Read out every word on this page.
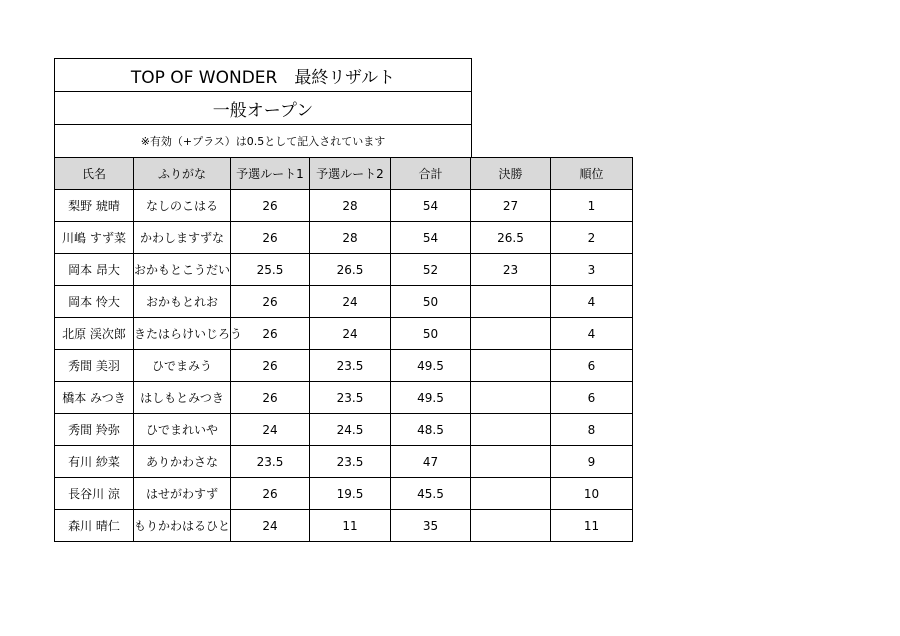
TOP OF WONDER　最終リザルト
一般オープン
※有効（+プラス）は0.5として記入されています
氏名	ふりがな	予選ルート1	予選ルート2	合計	決勝	順位
梨野 琥晴	なしのこはる	26	28	54	27	1
川嶋 すず菜	かわしますずな	26	28	54	26.5	2
岡本 昂大	おかもとこうだい	25.5	26.5	52	23	3
岡本 怜大	おかもとれお	26	24	50		4
北原 渓次郎	きたはらけいじろう	26	24	50		4
秀間 美羽	ひでまみう	26	23.5	49.5		6
橋本 みつき	はしもとみつき	26	23.5	49.5		6
秀間 羚弥	ひでまれいや	24	24.5	48.5		8
有川 紗菜	ありかわさな	23.5	23.5	47		9
長谷川 涼	はせがわすず	26	19.5	45.5		10
森川 晴仁	もりかわはるひと	24	11	35		11
